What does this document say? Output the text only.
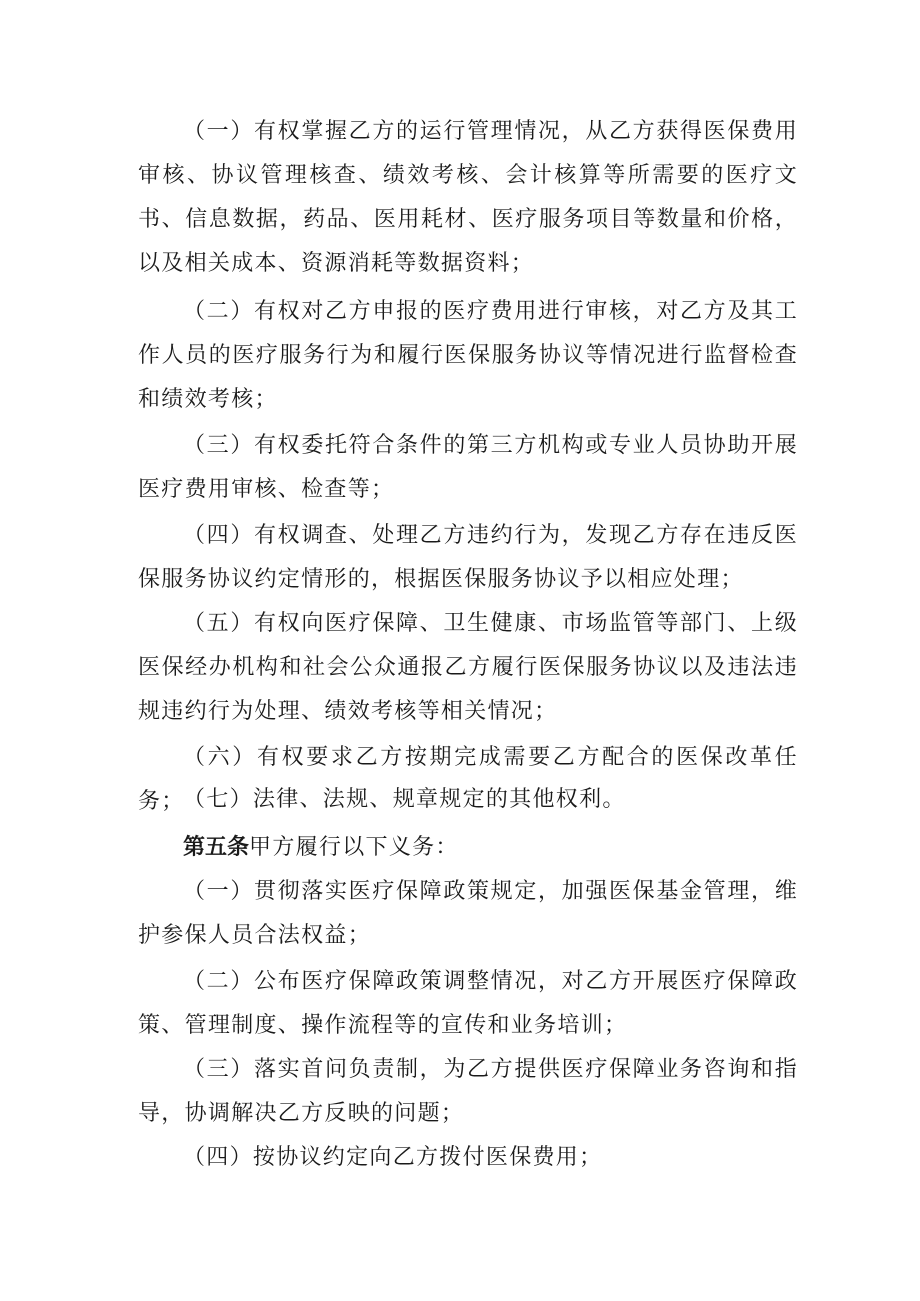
（一）有权掌握乙方的运行管理情况，从乙方获得医保费用审核、协议管理核查、绩效考核、会计核算等所需要的医疗文书、信息数据，药品、医用耗材、医疗服务项目等数量和价格，以及相关成本、资源消耗等数据资料；

（二）有权对乙方申报的医疗费用进行审核，对乙方及其工作人员的医疗服务行为和履行医保服务协议等情况进行监督检查和绩效考核；

（三）有权委托符合条件的第三方机构或专业人员协助开展医疗费用审核、检查等；

（四）有权调查、处理乙方违约行为，发现乙方存在违反医保服务协议约定情形的，根据医保服务协议予以相应处理；

（五）有权向医疗保障、卫生健康、市场监管等部门、上级医保经办机构和社会公众通报乙方履行医保服务协议以及违法违规违约行为处理、绩效考核等相关情况；

（六）有权要求乙方按期完成需要乙方配合的医保改革任务；

（七）法律、法规、规章规定的其他权利。

第五条甲方履行以下义务：

（一）贯彻落实医疗保障政策规定，加强医保基金管理，维护参保人员合法权益；

（二）公布医疗保障政策调整情况，对乙方开展医疗保障政策、管理制度、操作流程等的宣传和业务培训；

（三）落实首问负责制，为乙方提供医疗保障业务咨询和指导，协调解决乙方反映的问题；

（四）按协议约定向乙方拨付医保费用；
